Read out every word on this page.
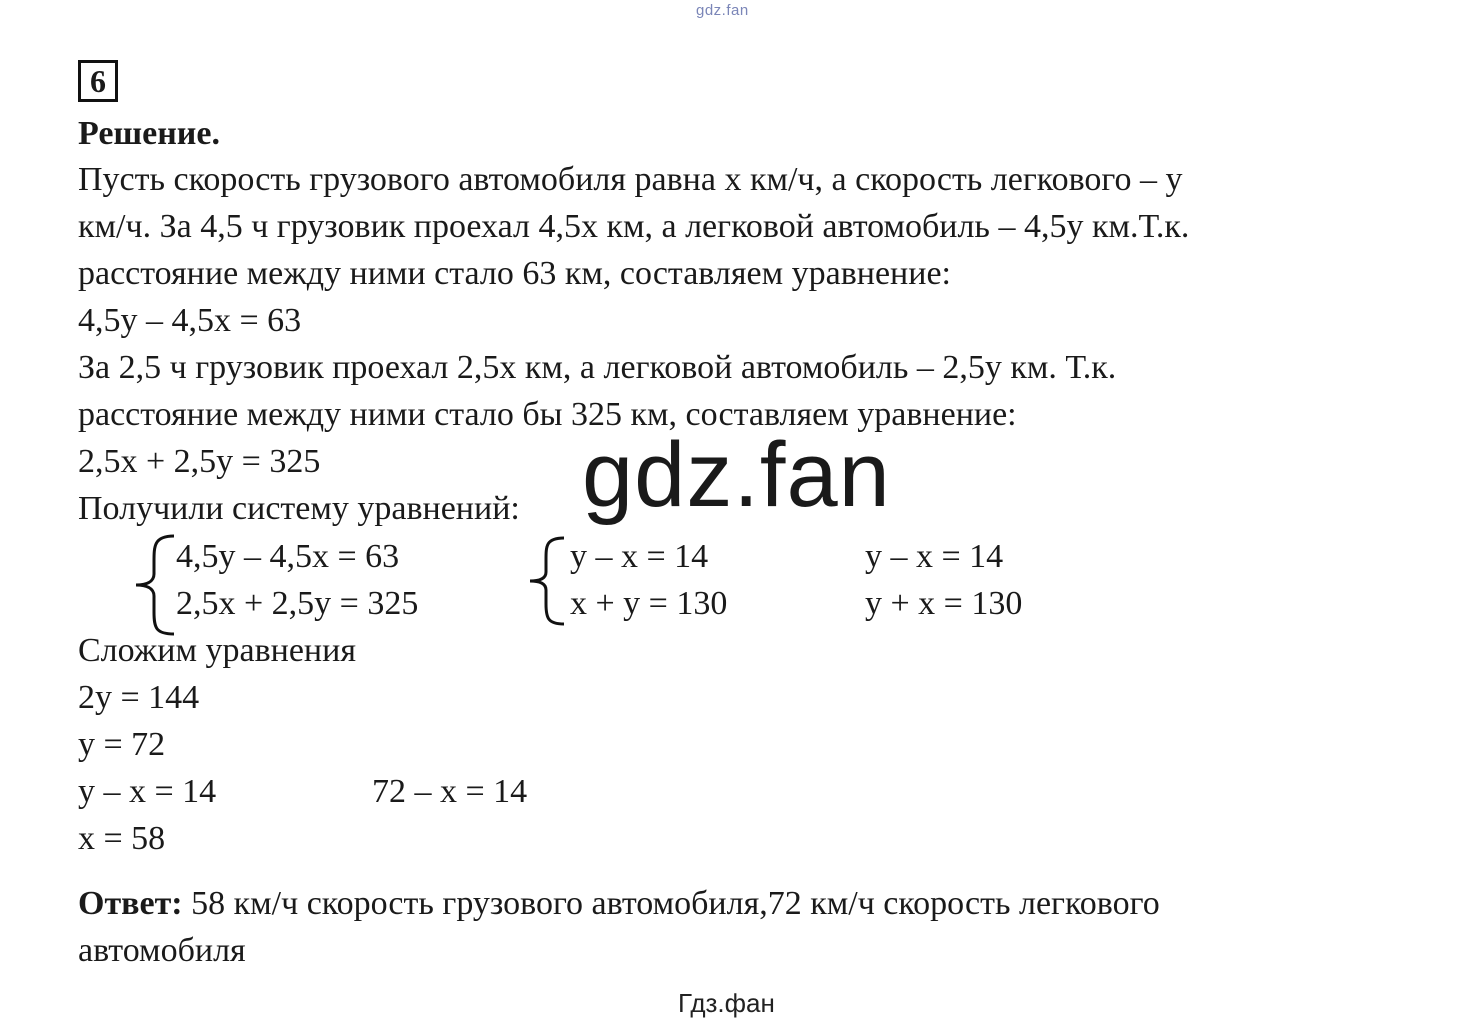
gdz.fan
6
Решение.
Пусть скорость грузового автомобиля равна х км/ч, а скорость легкового – у
км/ч. За 4,5 ч грузовик проехал 4,5х км, а легковой автомобиль – 4,5у км.Т.к.
расстояние между ними стало 63 км, составляем уравнение:
4,5у – 4,5х = 63
За 2,5 ч грузовик проехал 2,5х км, а легковой автомобиль – 2,5у км. Т.к.
расстояние между ними стало бы 325 км, составляем уравнение:
2,5х + 2,5у = 325
Получили систему уравнений:
4,5у – 4,5х = 63
2,5х + 2,5у = 325
у – х = 14
х + у = 130
у – х = 14
у + х = 130
Сложим уравнения
2у = 144
у = 72
у – х = 14	72 – х = 14
х = 58
Ответ: 58 км/ч скорость грузового автомобиля,72 км/ч скорость легкового
автомобиля
gdz.fan
Гдз.фан
